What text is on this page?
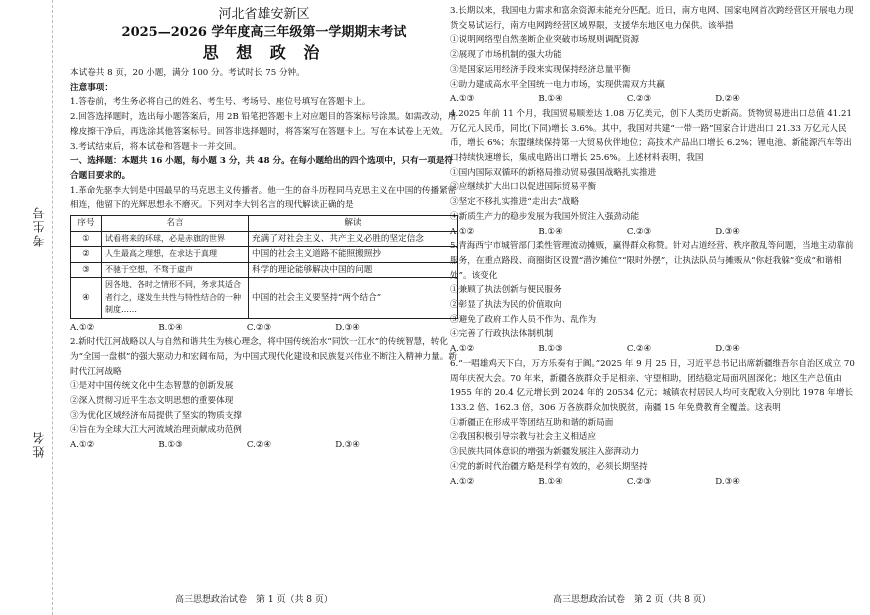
考生号
姓名
河北省雄安新区
2025—2026 学年度高三年级第一学期期末考试
思 想 政 治

本试卷共 8 页，20 小题，满分 100 分。考试时长 75 分钟。

注意事项：

1.答卷前，考生务必将自己的姓名、考生号、考场号、座位号填写在答题卡上。

2.回答选择题时，选出每小题答案后，用 2B 铅笔把答题卡上对应题目的答案标号涂黑。如需改动，用橡皮擦干净后，再选涂其他答案标号。回答非选择题时，将答案写在答题卡上。写在本试卷上无效。

3.考试结束后，将本试卷和答题卡一并交回。

一、选择题：本题共 16 小题，每小题 3 分，共 48 分。在每小题给出的四个选项中，只有一项是符合题目要求的。

1.革命先驱李大钊是中国最早的马克思主义传播者。他一生的奋斗历程同马克思主义在中国的传播紧密相连，他留下的光辉思想永不磨灭。下列对李大钊名言的现代解读正确的是

序号	名言	解读
①	试看将来的环球，必是赤旗的世界	充满了对社会主义、共产主义必胜的坚定信念
②	人生最高之理想，在求达于真理	中国的社会主义道路不能照搬照抄
③	不驰于空想，不骛于虚声	科学的理论能够解决中国的问题
④	因各地、各时之情形不同，务求其适合者行之，遂发生共性与特性结合的一种制度……	中国的社会主义要坚持“两个结合”
A.①②	B.①④	C.②③	D.③④

2.新时代江河战略以人与自然和谐共生为核心理念，将中国传统治水“同饮一江水”的传统智慧，转化为“全国一盘棋”的强大驱动力和宏阔布局，为中国式现代化建设和民族复兴伟业不断注入精神力量。新时代江河战略

①是对中国传统文化中生态智慧的创新发展

②深入贯彻习近平生态文明思想的重要体现

③为优化区域经济布局提供了坚实的物质支撑

④旨在为全球大江大河流域治理贡献成功范例

A.①②	B.①③	C.②④	D.③④

3.长期以来，我国电力需求和富余资源未能充分匹配。近日，南方电网、国家电网首次跨经营区开展电力现货交易试运行，南方电网跨经营区域界限，支援华东地区电力保供。该举措

①说明网络型自然垄断企业突破市场规则调配资源

②展现了市场机制的强大功能

③是国家运用经济手段来实现保持经济总量平衡

④助力建成高水平全国统一电力市场，实现供需双方共赢

A.①③	B.①④	C.②③	D.②④

4.2025 年前 11 个月，我国贸易顺差达 1.08 万亿美元，创下人类历史新高。货物贸易进出口总值 41.21 万亿元人民币，同比(下同)增长 3.6%。其中，我国对共建“一带一路”国家合计进出口 21.33 万亿元人民币，增长 6%；东盟继续保持第一大贸易伙伴地位；高技术产品出口增长 6.2%；锂电池、新能源汽车等出口持续快速增长，集成电路出口增长 25.6%。上述材料表明，我国

①国内国际双循环的新格局推动贸易强国战略扎实推进

②应继续扩大出口以促进国际贸易平衡

③坚定不移扎实推进“走出去”战略

④新质生产力的稳步发展为我国外贸注入强劲动能

A.①②	B.①④	C.②③	D.③④

5.青海西宁市城管部门柔性管理流动摊贩，赢得群众称赞。针对占道经营、秩序散乱等问题，当地主动靠前服务，在重点路段、商圈街区设置“潜汐摊位”“限时外摆”，让执法队员与摊贩从“你赶我躲”变成“和谐相处”。该变化

①兼顾了执法创新与便民服务

②彰显了执法为民的价值取向

③避免了政府工作人员不作为、乱作为

④完善了行政执法体制机制

A.①②	B.①③	C.②④	D.③④

6.“一唱雄鸡天下白，万方乐奏有于阗。”2025 年 9 月 25 日，习近平总书记出席新疆维吾尔自治区成立 70 周年庆祝大会。70 年来，新疆各族群众手足相亲、守望相助，团结稳定局面巩固深化；地区生产总值由 1955 年的 20.4 亿元增长到 2024 年的 20534 亿元；城镇农村居民人均可支配收入分别比 1978 年增长 133.2 倍、162.3 倍，306 万各族群众加快脱贫，南疆 15 年免费教育全覆盖。这表明

①新疆正在形成平等团结互助和谐的新局面

②我国积极引导宗教与社会主义相适应

③民族共同体意识的增强为新疆发展注入澎湃动力

④党的新时代治疆方略是科学有效的，必须长期坚持

A.①②	B.①④	C.②③	D.③④
高三思想政治试卷　第 1 页（共 8 页）	高三思想政治试卷　第 2 页（共 8 页）
